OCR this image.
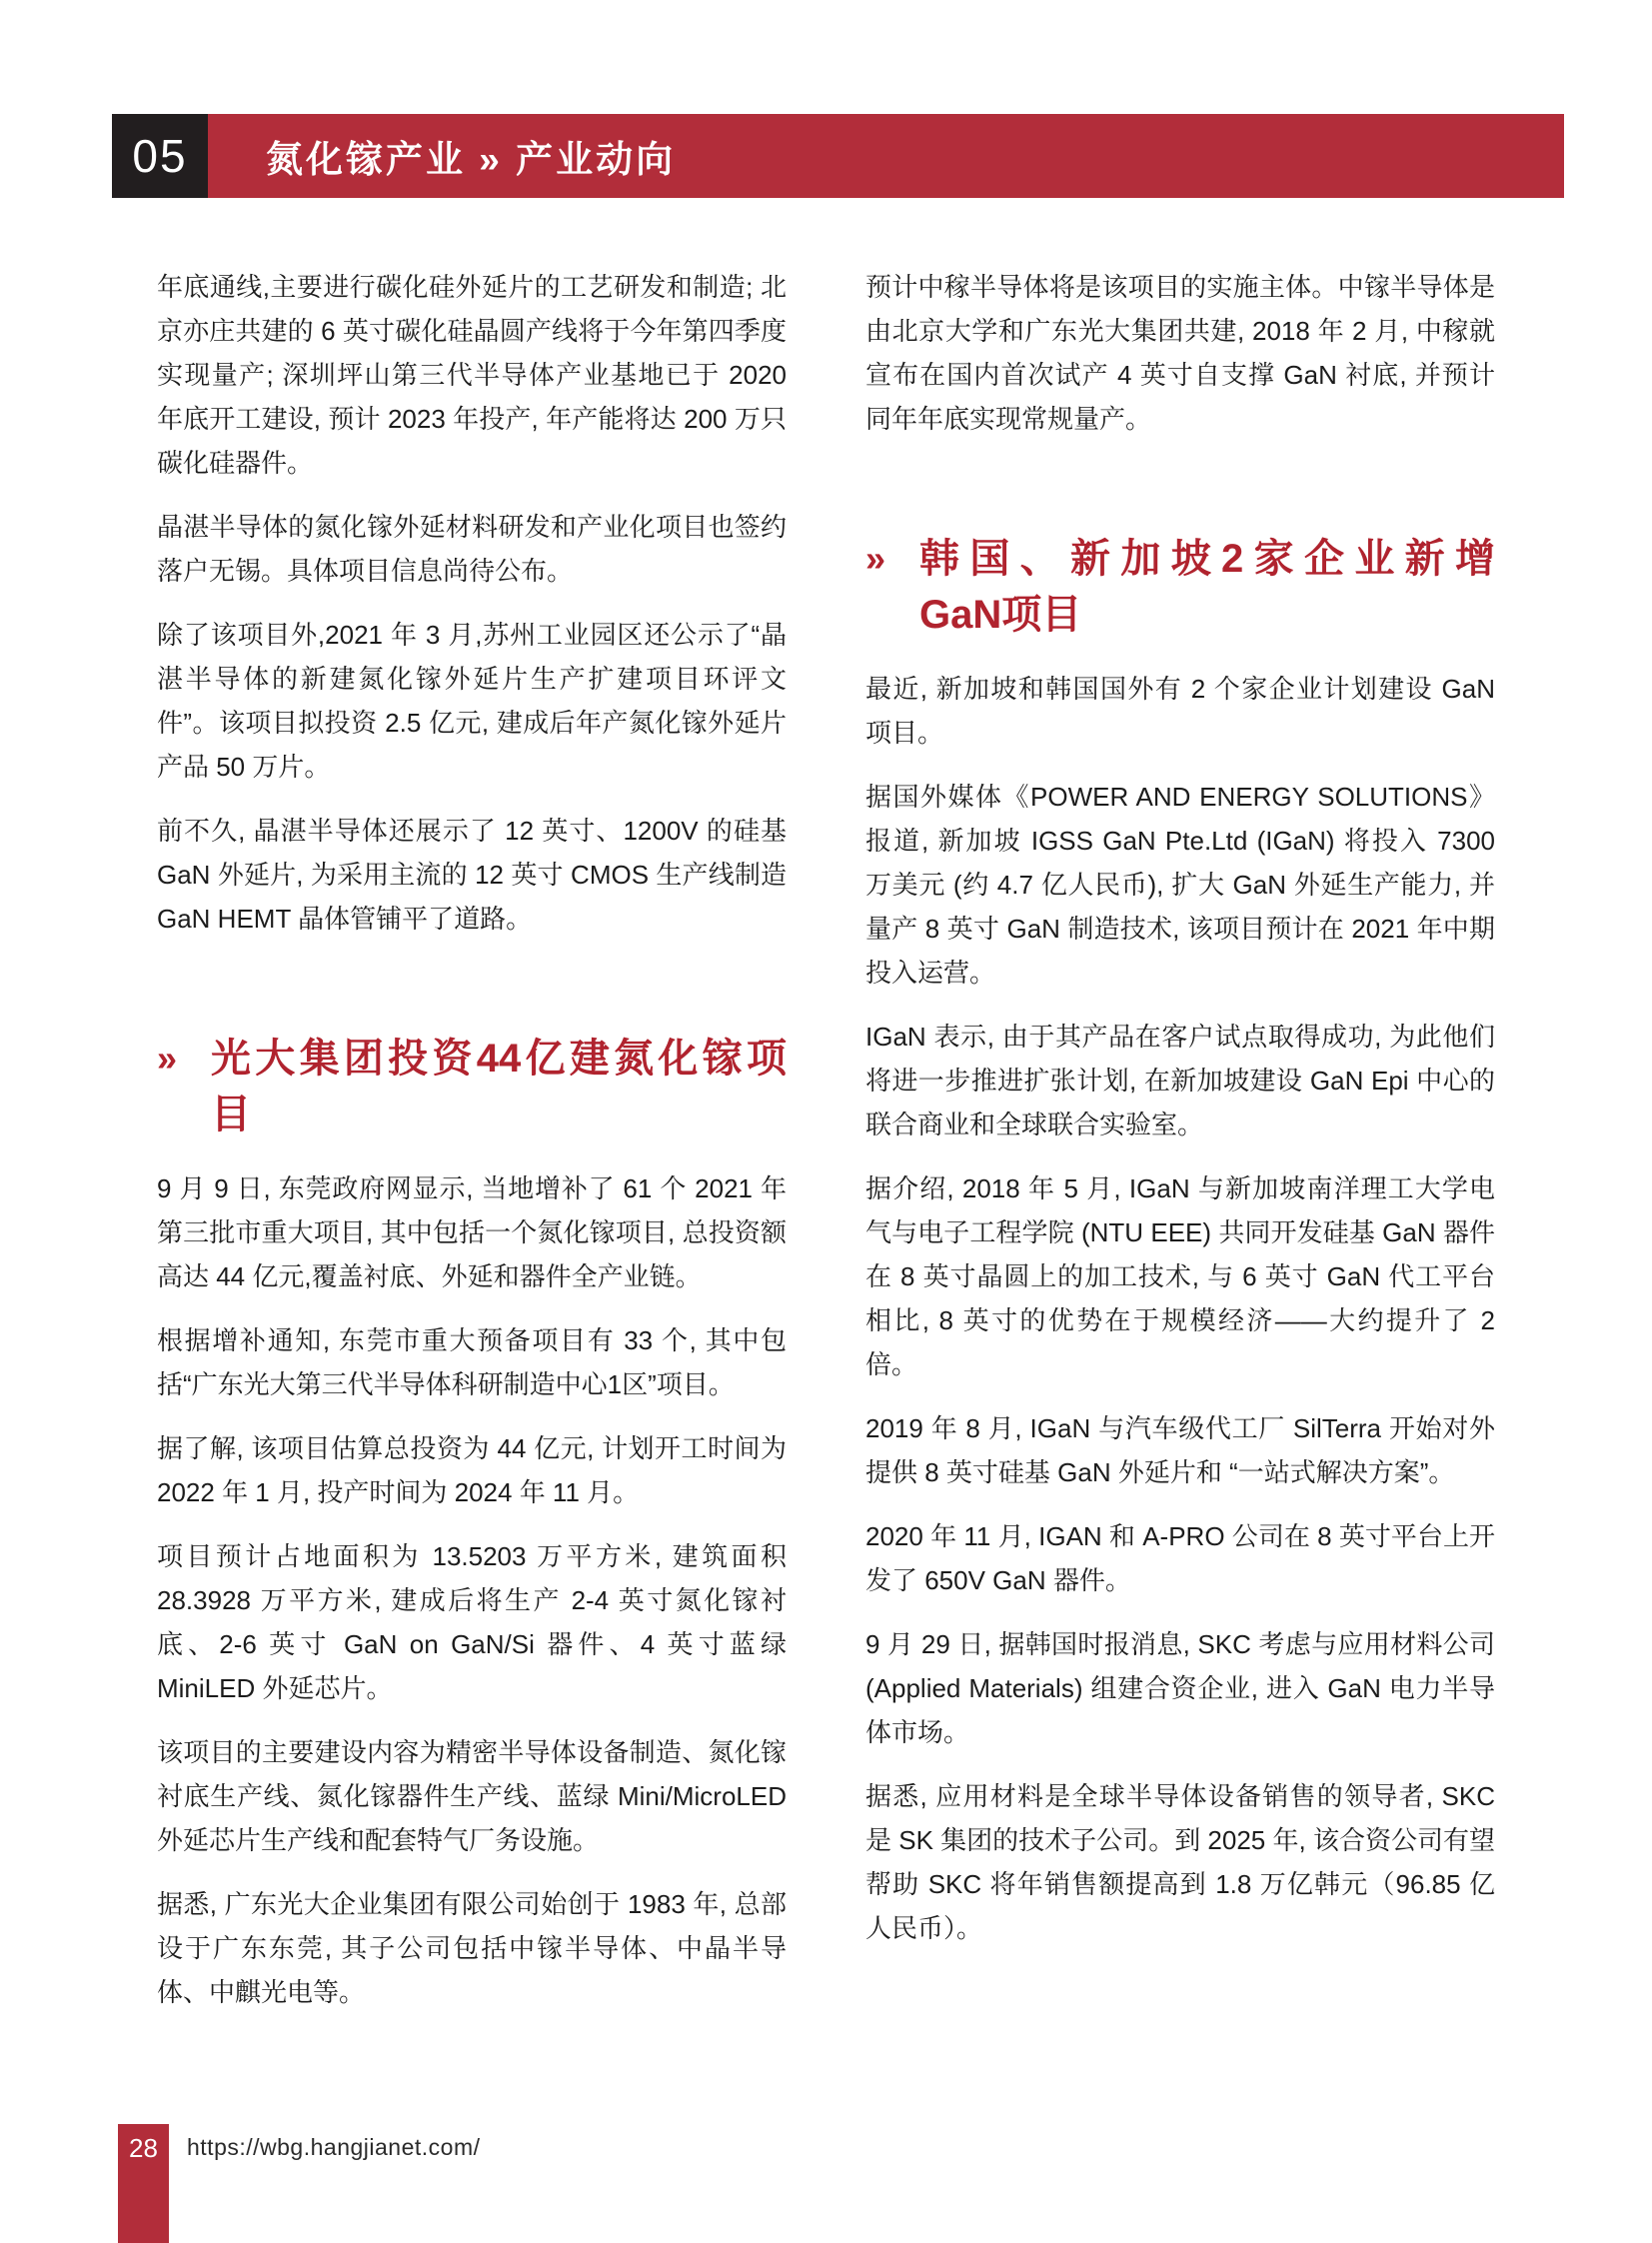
05	氮化镓产业 » 产业动向

年底通线,主要进行碳化硅外延片的工艺研发和制造; 北京亦庄共建的 6 英寸碳化硅晶圆产线将于今年第四季度实现量产; 深圳坪山第三代半导体产业基地已于 2020 年底开工建设, 预计 2023 年投产, 年产能将达 200 万只碳化硅器件。

晶湛半导体的氮化镓外延材料研发和产业化项目也签约落户无锡。具体项目信息尚待公布。

除了该项目外,2021 年 3 月,苏州工业园区还公示了“晶湛半导体的新建氮化镓外延片生产扩建项目环评文件”。该项目拟投资 2.5 亿元, 建成后年产氮化镓外延片产品 50 万片。

前不久, 晶湛半导体还展示了 12 英寸、1200V 的硅基 GaN 外延片, 为采用主流的 12 英寸 CMOS 生产线制造 GaN HEMT 晶体管铺平了道路。

» 光大集团投资44亿建氮化镓项
目

9 月 9 日, 东莞政府网显示, 当地增补了 61 个 2021 年第三批市重大项目, 其中包括一个氮化镓项目, 总投资额高达 44 亿元,覆盖衬底、外延和器件全产业链。

根据增补通知, 东莞市重大预备项目有 33 个, 其中包括“广东光大第三代半导体科研制造中心1区”项目。

据了解, 该项目估算总投资为 44 亿元, 计划开工时间为 2022 年 1 月, 投产时间为 2024 年 11 月。

项目预计占地面积为 13.5203 万平方米, 建筑面积 28.3928 万平方米, 建成后将生产 2-4 英寸氮化镓衬底、2-6 英寸 GaN on GaN/Si 器件、4 英寸蓝绿 MiniLED 外延芯片。

该项目的主要建设内容为精密半导体设备制造、氮化镓衬底生产线、氮化镓器件生产线、蓝绿 Mini/MicroLED 外延芯片生产线和配套特气厂务设施。

据悉, 广东光大企业集团有限公司始创于 1983 年, 总部设于广东东莞, 其子公司包括中镓半导体、中晶半导体、中麒光电等。

预计中稼半导体将是该项目的实施主体。中镓半导体是由北京大学和广东光大集团共建, 2018 年 2 月, 中稼就宣布在国内首次试产 4 英寸自支撑 GaN 衬底, 并预计同年年底实现常规量产。

» 韩国、新加坡2家企业新增
GaN项目

最近, 新加坡和韩国国外有 2 个家企业计划建设 GaN 项目。

据国外媒体《POWER AND ENERGY SOLUTIONS》报道, 新加坡 IGSS GaN Pte.Ltd (IGaN) 将投入 7300 万美元 (约 4.7 亿人民币), 扩大 GaN 外延生产能力, 并量产 8 英寸 GaN 制造技术, 该项目预计在 2021 年中期投入运营。

IGaN 表示, 由于其产品在客户试点取得成功, 为此他们将进一步推进扩张计划, 在新加坡建设 GaN Epi 中心的联合商业和全球联合实验室。

据介绍, 2018 年 5 月, IGaN 与新加坡南洋理工大学电气与电子工程学院 (NTU EEE) 共同开发硅基 GaN 器件在 8 英寸晶圆上的加工技术, 与 6 英寸 GaN 代工平台相比, 8 英寸的优势在于规模经济——大约提升了 2 倍。

2019 年 8 月, IGaN 与汽车级代工厂 SilTerra 开始对外提供 8 英寸硅基 GaN 外延片和 “一站式解决方案”。

2020 年 11 月, IGAN 和 A-PRO 公司在 8 英寸平台上开发了 650V GaN 器件。

9 月 29 日, 据韩国时报消息, SKC 考虑与应用材料公司 (Applied Materials) 组建合资企业, 进入 GaN 电力半导体市场。

据悉, 应用材料是全球半导体设备销售的领导者, SKC 是 SK 集团的技术子公司。到 2025 年, 该合资公司有望帮助 SKC 将年销售额提高到 1.8 万亿韩元（96.85 亿人民币）。

28	https://wbg.hangjianet.com/
